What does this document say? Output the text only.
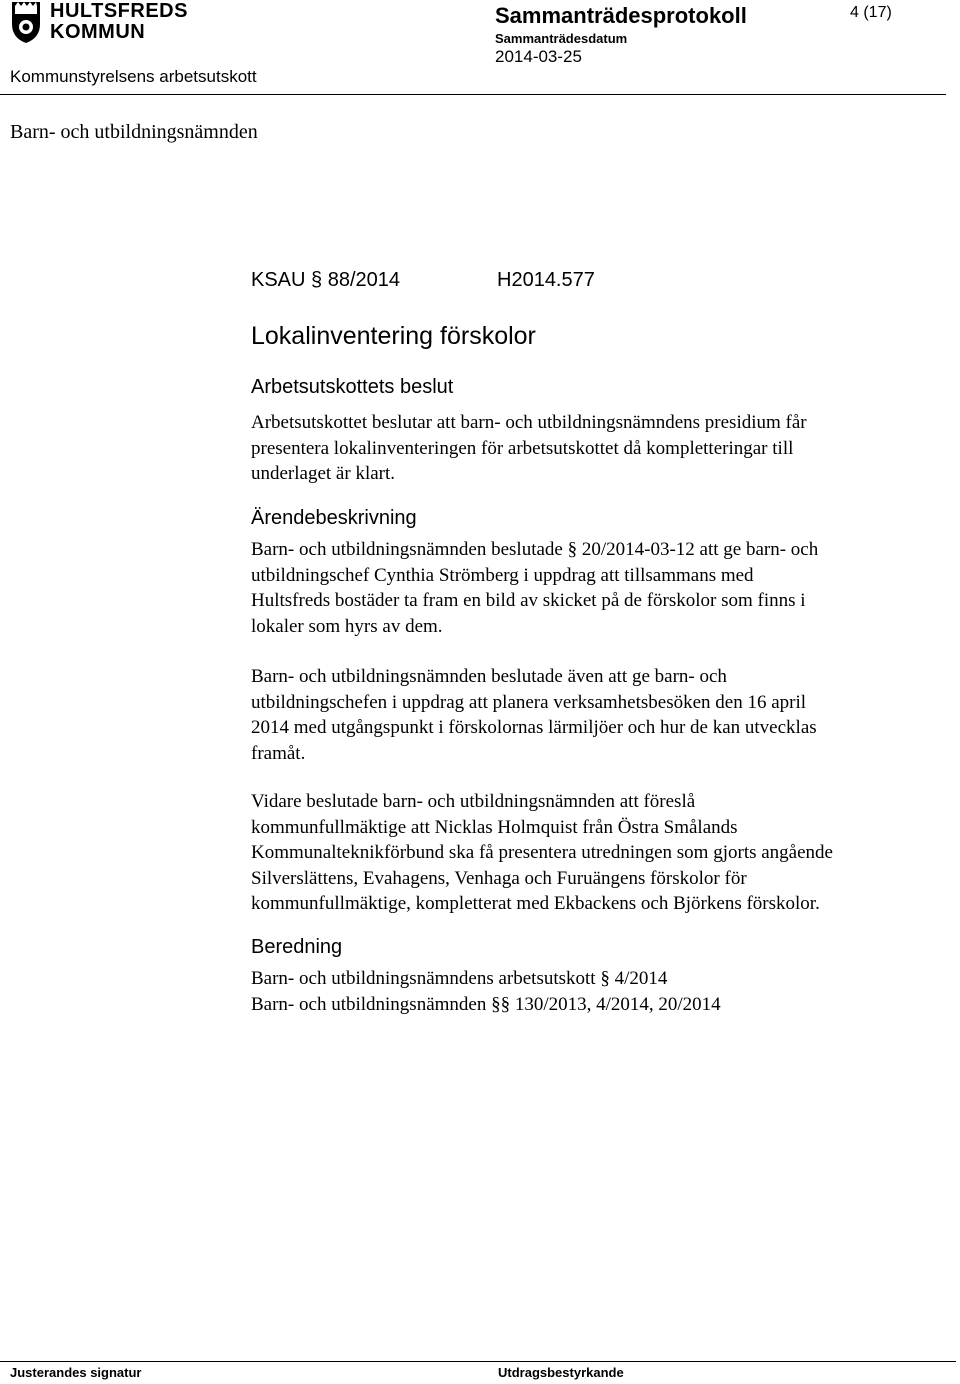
HULTSFREDS
KOMMUN
Sammanträdesprotokoll
Sammanträdesdatum
2014-03-25
4 (17)
Kommunstyrelsens arbetsutskott
Barn- och utbildningsnämnden
KSAU § 88/2014	H2014.577
Lokalinventering förskolor
Arbetsutskottets beslut
Arbetsutskottet beslutar att barn- och utbildningsnämndens presidium får
presentera lokalinventeringen för arbetsutskottet då kompletteringar till
underlaget är klart.
Ärendebeskrivning
Barn- och utbildningsnämnden beslutade § 20/2014-03-12 att ge barn- och
utbildningschef Cynthia Strömberg i uppdrag att tillsammans med
Hultsfreds bostäder ta fram en bild av skicket på de förskolor som finns i
lokaler som hyrs av dem.
Barn- och utbildningsnämnden beslutade även att ge barn- och
utbildningschefen i uppdrag att planera verksamhetsbesöken den 16 april
2014 med utgångspunkt i förskolornas lärmiljöer och hur de kan utvecklas
framåt.
Vidare beslutade barn- och utbildningsnämnden att föreslå
kommunfullmäktige att Nicklas Holmquist från Östra Smålands
Kommunalteknikförbund ska få presentera utredningen som gjorts angående
Silverslättens, Evahagens, Venhaga och Furuängens förskolor för
kommunfullmäktige, kompletterat med Ekbackens och Björkens förskolor.
Beredning
Barn- och utbildningsnämndens arbetsutskott § 4/2014
Barn- och utbildningsnämnden §§ 130/2013, 4/2014, 20/2014
Justerandes signatur	Utdragsbestyrkande
